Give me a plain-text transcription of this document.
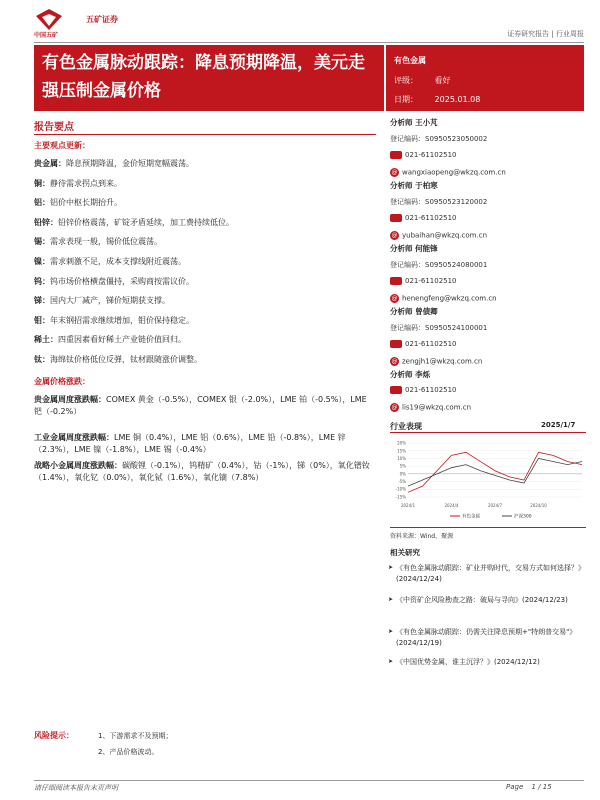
中国五矿
五矿证券
证券研究报告 | 行业周报
有色金属脉动跟踪：降息预期降温，美元走强压制金属价格
有色金属
评级： 看好
日期： 2025.01.08
报告要点
主要观点更新：
贵金属：降息预期降温，金价短期宽幅震荡。
铜：静待需求拐点到来。
铝：铝价中枢长期抬升。
铅锌：铅锌价格震荡，矿锭矛盾延续，加工费持续低位。
锡：需求表现一般，锡价低位震荡。
镍：需求刺激不足，成本支撑线附近震荡。
钨：钨市场价格横盘僵持，采购商按需议价。
锑：国内大厂减产，锑价短期获支撑。
钼：年末钢招需求继续增加，钼价保持稳定。
稀土：四重因素看好稀土产业链价值回归。
钛：海绵钛价格低位反弹，钛材跟随涨价调整。
金属价格涨跌：
贵金属周度涨跌幅：COMEX 黄金（-0.5%），COMEX 银（-2.0%），LME 铂（-0.5%），LME 钯（-0.2%）
工业金属周度涨跌幅：LME 铜（0.4%），LME 铝（0.6%），LME 铅（-0.8%），LME 锌（2.3%），LME 镍（-1.8%），LME 锡（-0.4%）
战略小金属周度涨跌幅：碳酸锂（-0.1%），钨精矿（0.4%），钴（-1%），锑（0%），氧化镨钕（1.4%），氧化钇（0.0%），氧化铽（1.6%），氧化镝（7.8%）
风险提示：	1、下游需求不及预期；
2、产品价格波动。
分析师 王小芃
登记编码：S0950523050002
021-61102510
@ wangxiaopeng@wkzq.com.cn
分析师 于柏寒
登记编码：S0950523120002
021-61102510
@ yubaihan@wkzq.com.cn
分析师 何能锋
登记编码：S0950524080001
021-61102510
@ henengfeng@wkzq.com.cn
分析师 曾债卿
登记编码：S0950524100001
021-61102510
@ zengjh1@wkzq.com.cn
分析师 李烁
021-61102510
@ lis19@wkzq.com.cn
行业表现	2025/1/7
20%
15%
10%
5%
0%
-5%
-10%
-15%
2024/1	2024/4	2024/7	2024/10
有色金属	沪深300
资料来源：Wind，聚源
相关研究
➤ 《有色金属脉动跟踪：矿业并购时代，交易方式如何选择？》(2024/12/24)
➤ 《中资矿企风险勘查之路：破局与寻向》(2024/12/23)
➤ 《有色金属脉动跟踪：仍需关注降息预期+"特朗普交易"》(2024/12/19)
➤ 《中国优势金属，谁主沉浮？》(2024/12/12)
请仔细阅读本报告末页声明	Page 1 / 15
